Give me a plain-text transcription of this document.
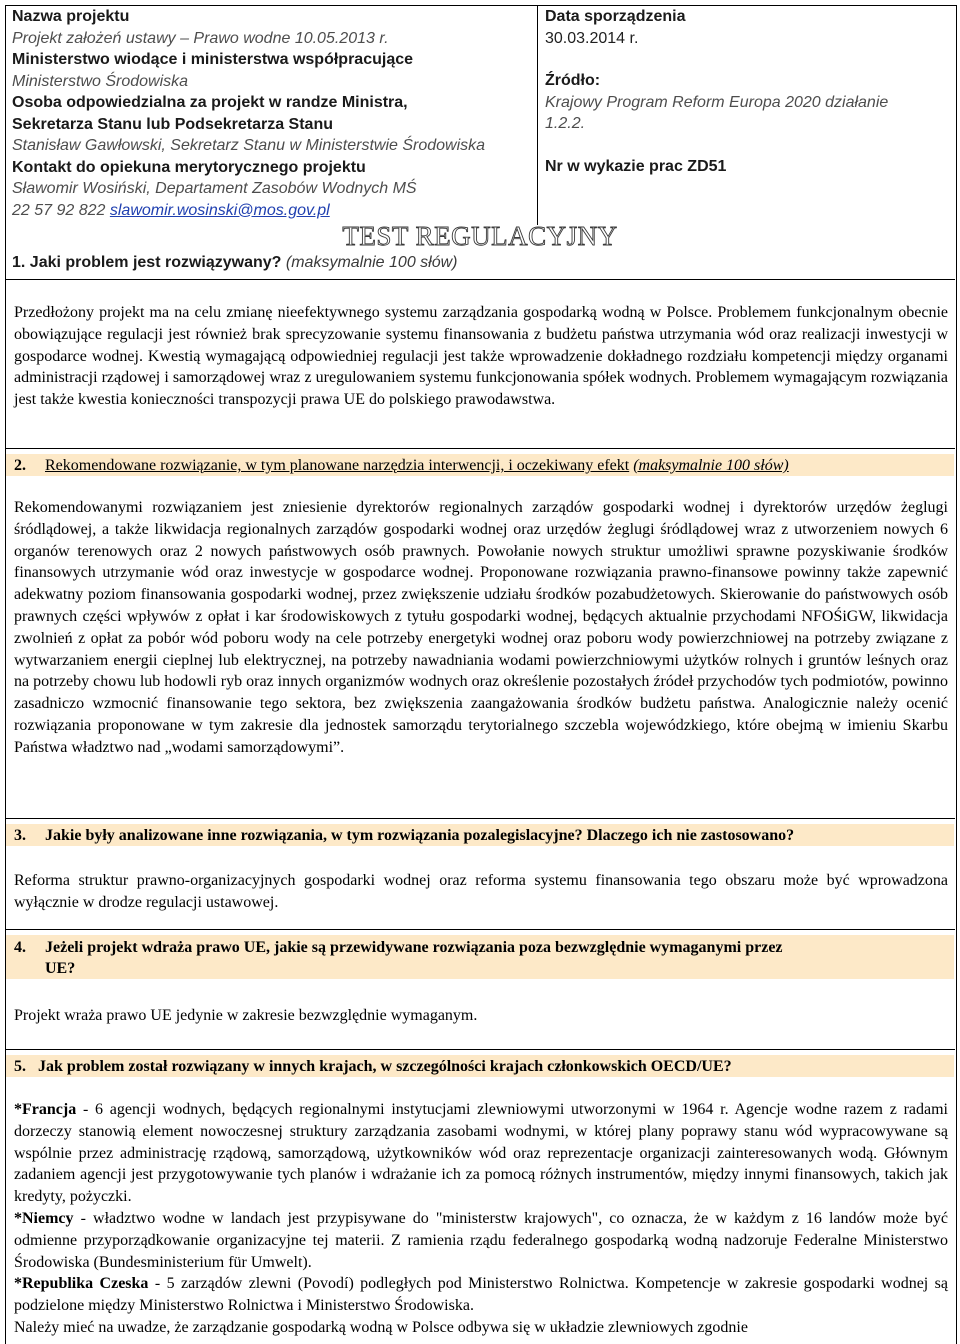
Nazwa projektu
Projekt założeń ustawy – Prawo wodne 10.05.2013 r.
Ministerstwo wiodące i ministerstwa współpracujące
Ministerstwo Środowiska
Osoba odpowiedzialna za projekt w randze Ministra,
Sekretarza Stanu lub Podsekretarza Stanu
Stanisław Gawłowski, Sekretarz Stanu w Ministerstwie Środowiska
Kontakt do opiekuna merytorycznego projektu
Sławomir Wosiński, Departament Zasobów Wodnych MŚ
22 57 92 822 slawomir.wosinski@mos.gov.pl
Data sporządzenia
30.03.2014 r.
Źródło:
Krajowy Program Reform Europa 2020 działanie
1.2.2.
Nr w wykazie prac ZD51
TEST REGULACYJNY
1. Jaki problem jest rozwiązywany? (maksymalnie 100 słów)

Przedłożony projekt ma na celu zmianę nieefektywnego systemu zarządzania gospodarką wodną w Polsce. Problemem funkcjonalnym obecnie obowiązujące regulacji jest również brak sprecyzowanie systemu finansowania z budżetu państwa utrzymania wód oraz realizacji inwestycji w gospodarce wodnej. Kwestią wymagającą odpowiedniej regulacji jest także wprowadzenie dokładnego rozdziału kompetencji między organami administracji rządowej i samorządowej wraz z uregulowaniem systemu funkcjonowania spółek wodnych. Problemem wymagającym rozwiązania jest także kwestia konieczności transpozycji prawa UE do polskiego prawodawstwa.

2. Rekomendowane rozwiązanie, w tym planowane narzędzia interwencji, i oczekiwany efekt (maksymalnie 100 słów)

Rekomendowanymi rozwiązaniem jest zniesienie dyrektorów regionalnych zarządów gospodarki wodnej i dyrektorów urzędów żeglugi śródlądowej, a także likwidacja regionalnych zarządów gospodarki wodnej oraz urzędów żeglugi śródlądowej wraz z utworzeniem nowych 6 organów terenowych oraz 2 nowych państwowych osób prawnych. Powołanie nowych struktur umożliwi sprawne pozyskiwanie środków finansowych utrzymanie wód oraz inwestycje w gospodarce wodnej. Proponowane rozwiązania prawno-finansowe powinny także zapewnić adekwatny poziom finansowania gospodarki wodnej, przez zwiększenie udziału środków pozabudżetowych. Skierowanie do państwowych osób prawnych części wpływów z opłat i kar środowiskowych z tytułu gospodarki wodnej, będących aktualnie przychodami NFOŚiGW, likwidacja zwolnień z opłat za pobór wód poboru wody na cele potrzeby energetyki wodnej oraz poboru wody powierzchniowej na potrzeby związane z wytwarzaniem energii cieplnej lub elektrycznej, na potrzeby nawadniania wodami powierzchniowymi użytków rolnych i gruntów leśnych oraz na potrzeby chowu lub hodowli ryb oraz innych organizmów wodnych oraz określenie pozostałych źródeł przychodów tych podmiotów, powinno zasadniczo wzmocnić finansowanie tego sektora, bez zwiększenia zaangażowania środków budżetu państwa. Analogicznie należy ocenić rozwiązania proponowane w tym zakresie dla jednostek samorządu terytorialnego szczebla wojewódzkiego, które obejmą w imieniu Skarbu Państwa władztwo nad „wodami samorządowymi”.

3. Jakie były analizowane inne rozwiązania, w tym rozwiązania pozalegislacyjne? Dlaczego ich nie zastosowano?

Reforma struktur prawno-organizacyjnych gospodarki wodnej oraz reforma systemu finansowania tego obszaru może być wprowadzona wyłącznie w drodze regulacji ustawowej.

4. Jeżeli projekt wdraża prawo UE, jakie są przewidywane rozwiązania poza bezwzględnie wymaganymi przez
UE?

Projekt wraża prawo UE jedynie w zakresie bezwzględnie wymaganym.

5. Jak problem został rozwiązany w innych krajach, w szczególności krajach członkowskich OECD/UE?

*Francja - 6 agencji wodnych, będących regionalnymi instytucjami zlewniowymi utworzonymi w 1964 r. Agencje wodne razem z radami dorzeczy stanowią element nowoczesnej struktury zarządzania zasobami wodnymi, w której plany poprawy stanu wód wypracowywane są wspólnie przez administrację rządową, samorządową, użytkowników wód oraz reprezentacje organizacji zainteresowanych wodą. Głównym zadaniem agencji jest przygotowywanie tych planów i wdrażanie ich za pomocą różnych instrumentów, między innymi finansowych, takich jak kredyty, pożyczki.

*Niemcy - władztwo wodne w landach jest przypisywane do "ministerstw krajowych", co oznacza, że w każdym z 16 landów może być odmienne przyporządkowanie organizacyjne tej materii. Z ramienia rządu federalnego gospodarką wodną nadzoruje Federalne Ministerstwo Środowiska (Bundesministerium für Umwelt).

*Republika Czeska - 5 zarządów zlewni (Povodí) podległych pod Ministerstwo Rolnictwa. Kompetencje w zakresie gospodarki wodnej są podzielone między Ministerstwo Rolnictwa i Ministerstwo Środowiska.

Należy mieć na uwadze, że zarządzanie gospodarką wodną w Polsce odbywa się w układzie zlewniowych zgodnie
